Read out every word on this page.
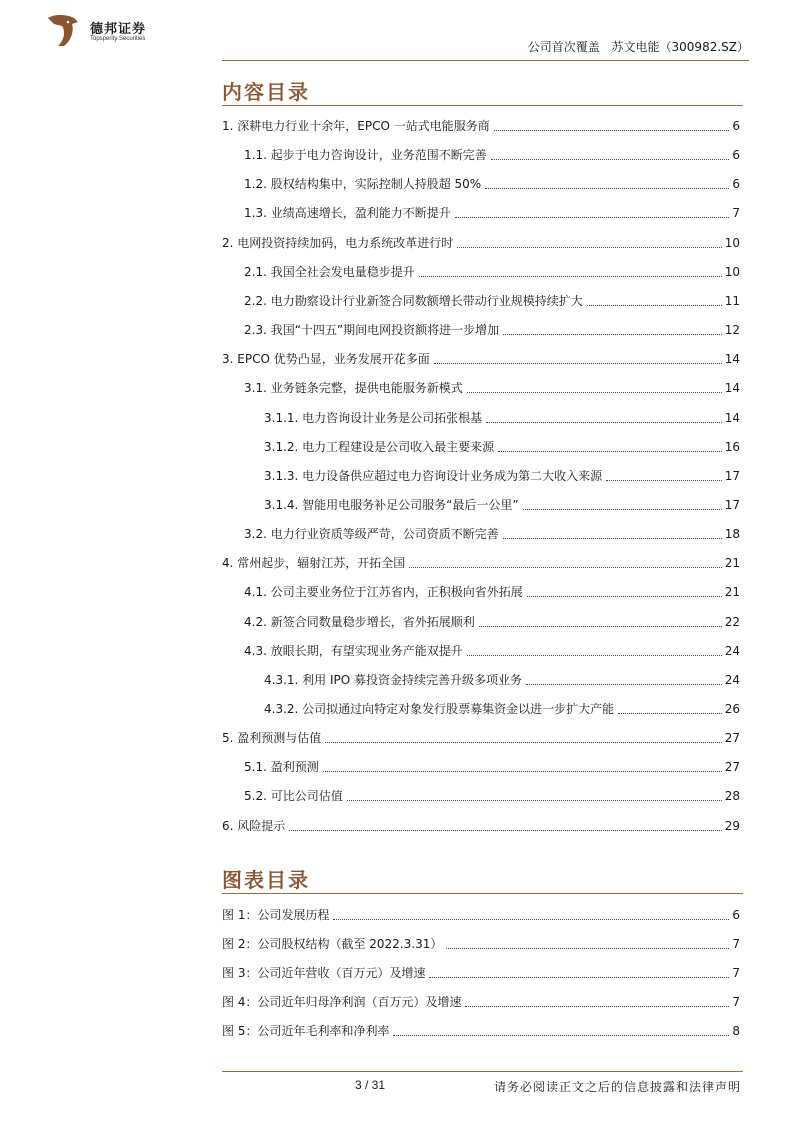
德邦证券
Topsperity Securities
公司首次覆盖 苏文电能（300982.SZ）
内容目录
1. 深耕电力行业十余年，EPCO 一站式电能服务商	6
1.1. 起步于电力咨询设计，业务范围不断完善	6
1.2. 股权结构集中，实际控制人持股超 50%	6
1.3. 业绩高速增长，盈利能力不断提升	7
2. 电网投资持续加码，电力系统改革进行时	10
2.1. 我国全社会发电量稳步提升	10
2.2. 电力勘察设计行业新签合同数额增长带动行业规模持续扩大	11
2.3. 我国“十四五”期间电网投资额将进一步增加	12
3. EPCO 优势凸显，业务发展开花多面	14
3.1. 业务链条完整，提供电能服务新模式	14
3.1.1. 电力咨询设计业务是公司拓张根基	14
3.1.2. 电力工程建设是公司收入最主要来源	16
3.1.3. 电力设备供应超过电力咨询设计业务成为第二大收入来源	17
3.1.4. 智能用电服务补足公司服务“最后一公里”	17
3.2. 电力行业资质等级严苛，公司资质不断完善	18
4. 常州起步，辐射江苏，开拓全国	21
4.1. 公司主要业务位于江苏省内，正积极向省外拓展	21
4.2. 新签合同数量稳步增长，省外拓展顺利	22
4.3. 放眼长期，有望实现业务产能双提升	24
4.3.1. 利用 IPO 募投资金持续完善升级多项业务	24
4.3.2. 公司拟通过向特定对象发行股票募集资金以进一步扩大产能	26
5. 盈利预测与估值	27
5.1. 盈利预测	27
5.2. 可比公司估值	28
6. 风险提示	29
图表目录
图 1：公司发展历程	6
图 2：公司股权结构（截至 2022.3.31）	7
图 3：公司近年营收（百万元）及增速	7
图 4：公司近年归母净利润（百万元）及增速	7
图 5：公司近年毛利率和净利率	8
3 / 31	请务必阅读正文之后的信息披露和法律声明
